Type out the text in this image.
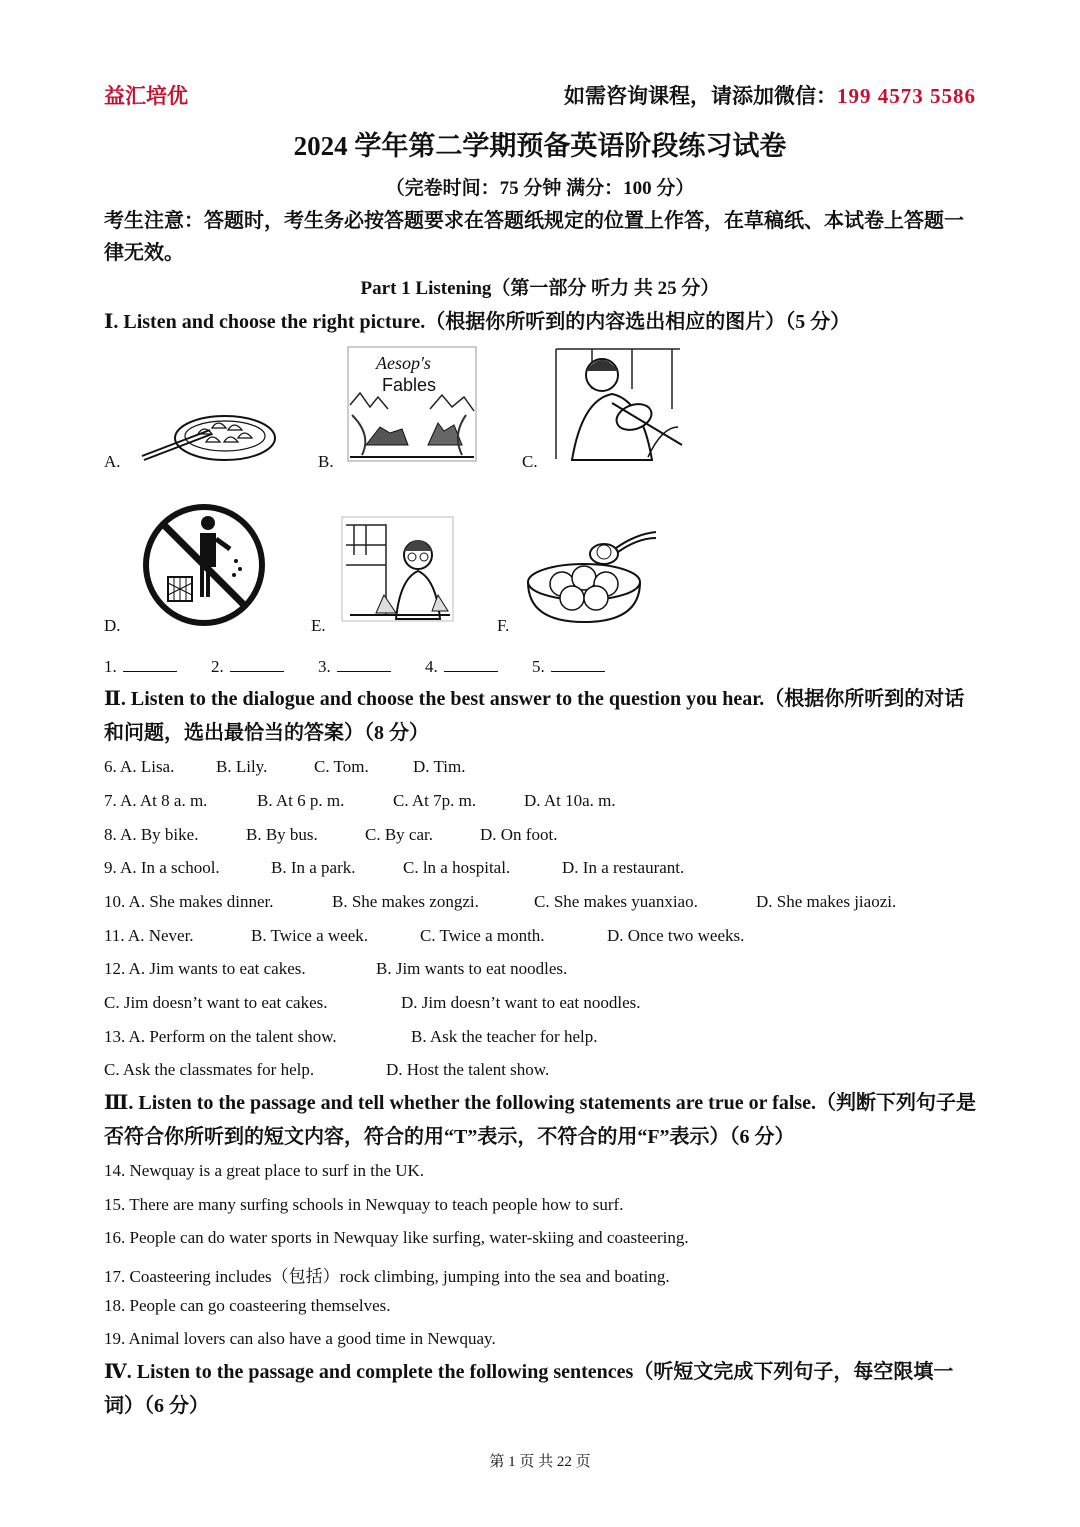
益汇培优	如需咨询课程，请添加微信：199 4573 5586
2024 学年第二学期预备英语阶段练习试卷
（完卷时间：75 分钟 满分：100 分）
考生注意：答题时，考生务必按答题要求在答题纸规定的位置上作答，在草稿纸、本试卷上答题一律无效。
Part 1 Listening（第一部分 听力 共 25 分）
Ⅰ. Listen and choose the right picture.（根据你所听到的内容选出相应的图片）（5 分）
A.	B.
Aesop's
Fables
C.
D.	E.	F.
1.	2.	3.	4.	5.
Ⅱ. Listen to the dialogue and choose the best answer to the question you hear.（根据你所听到的对话和问题，选出最恰当的答案）（8 分）
6. A. Lisa. B. Lily.	C. Tom.	D. Tim.
7. A. At 8 a. m.	B. At 6 p. m.	C. At 7p. m.	D. At 10a. m.
8. A. By bike.	B. By bus.	C. By car.	D. On foot.
9. A. In a school.	B. In a park.	C. ln a hospital.	D. In a restaurant.
10. A. She makes dinner.	B. She makes zongzi.	C. She makes yuanxiao.	D. She makes jiaozi.
11. A. Never.	B. Twice a week.	C. Twice a month.	D. Once two weeks.
12. A. Jim wants to eat cakes.	B. Jim wants to eat noodles.
C. Jim doesn’t want to eat cakes.	D. Jim doesn’t want to eat noodles.
13. A. Perform on the talent show.	B. Ask the teacher for help.
C. Ask the classmates for help.	D. Host the talent show.
Ⅲ. Listen to the passage and tell whether the following statements are true or false.（判断下列句子是否符合你所听到的短文内容，符合的用“T”表示，不符合的用“F”表示）（6 分）
14. Newquay is a great place to surf in the UK.
15. There are many surfing schools in Newquay to teach people how to surf.
16. People can do water sports in Newquay like surfing, water-skiing and coasteering.
17. Coasteering includes（包括）rock climbing, jumping into the sea and boating.
18. People can go coasteering themselves.
19. Animal lovers can also have a good time in Newquay.
Ⅳ. Listen to the passage and complete the following sentences（听短文完成下列句子，每空限填一词）（6 分）
第 1 页 共 22 页
